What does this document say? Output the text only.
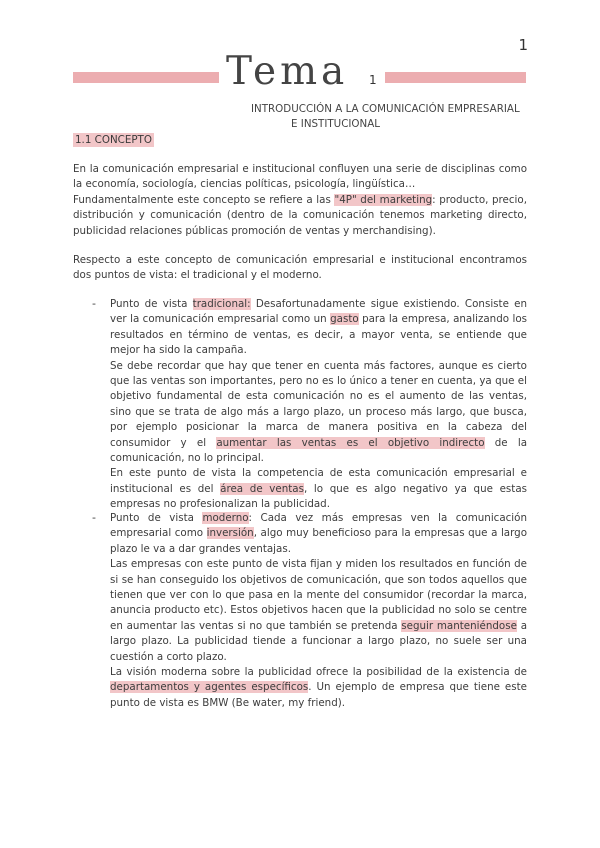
1
Tema 1
INTRODUCCIÓN A LA COMUNICACIÓN EMPRESARIAL
E INSTITUCIONAL
1.1 CONCEPTO
En la comunicación empresarial e institucional confluyen una serie de disciplinas como la economía, sociología, ciencias políticas, psicología, lingüística…
Fundamentalmente este concepto se refiere a las "4P" del marketing: producto, precio, distribución y comunicación (dentro de la comunicación tenemos marketing directo, publicidad relaciones públicas promoción de ventas y merchandising).
Respecto a este concepto de comunicación empresarial e institucional encontramos dos puntos de vista: el tradicional y el moderno.
- Punto de vista tradicional: Desafortunadamente sigue existiendo. Consiste en ver la comunicación empresarial como un gasto para la empresa, analizando los resultados en término de ventas, es decir, a mayor venta, se entiende que mejor ha sido la campaña.
Se debe recordar que hay que tener en cuenta más factores, aunque es cierto que las ventas son importantes, pero no es lo único a tener en cuenta, ya que el objetivo fundamental de esta comunicación no es el aumento de las ventas, sino que se trata de algo más a largo plazo, un proceso más largo, que busca, por ejemplo posicionar la marca de manera positiva en la cabeza del consumidor y el aumentar las ventas es el objetivo indirecto de la comunicación, no lo principal.
En este punto de vista la competencia de esta comunicación empresarial e institucional es del área de ventas, lo que es algo negativo ya que estas empresas no profesionalizan la publicidad.
- Punto de vista moderno: Cada vez más empresas ven la comunicación empresarial como inversión, algo muy beneficioso para la empresas que a largo plazo le va a dar grandes ventajas.
Las empresas con este punto de vista fijan y miden los resultados en función de si se han conseguido los objetivos de comunicación, que son todos aquellos que tienen que ver con lo que pasa en la mente del consumidor (recordar la marca, anuncia producto etc). Estos objetivos hacen que la publicidad no solo se centre en aumentar las ventas si no que también se pretenda seguir manteniéndose a largo plazo. La publicidad tiende a funcionar a largo plazo, no suele ser una cuestión a corto plazo.
La visión moderna sobre la publicidad ofrece la posibilidad de la existencia de departamentos y agentes específicos. Un ejemplo de empresa que tiene este punto de vista es BMW (Be water, my friend).
